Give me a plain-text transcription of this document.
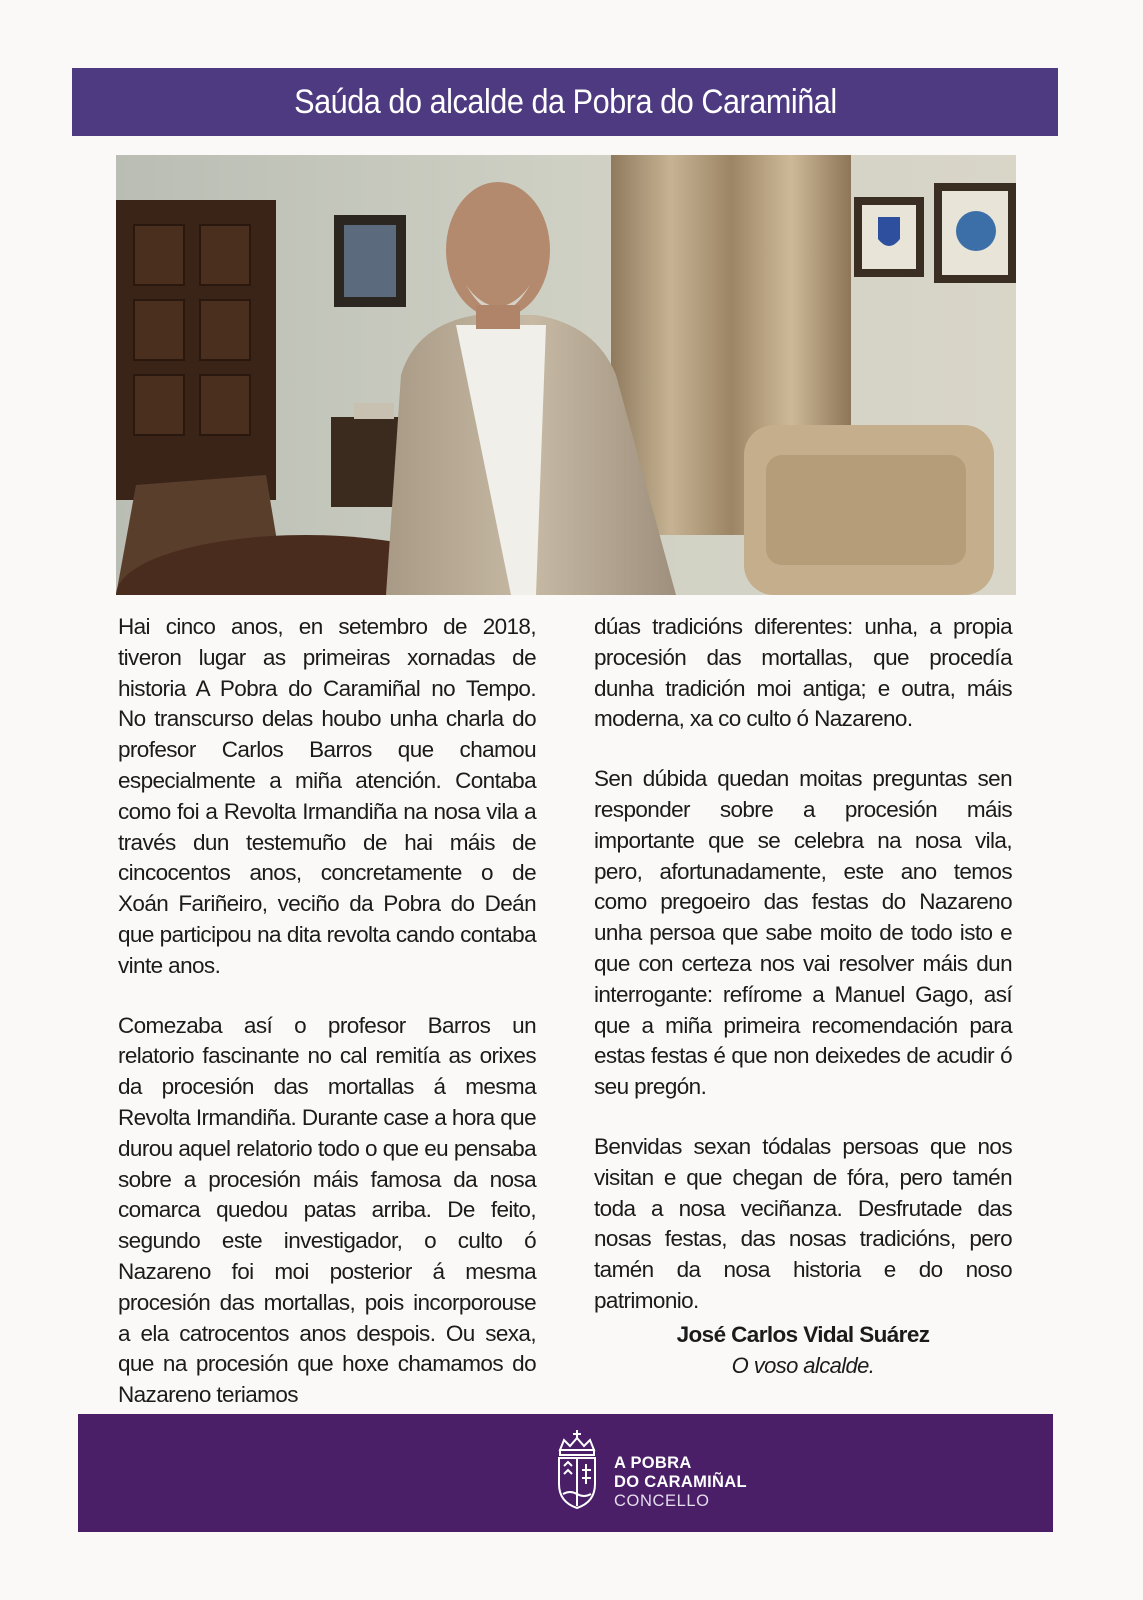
Saúda do alcalde da Pobra do Caramiñal

Hai cinco anos, en setembro de 2018, tiveron lugar as primeiras xornadas de historia A Pobra do Caramiñal no Tempo. No transcurso delas houbo unha charla do profesor Carlos Barros que chamou especialmente a miña atención. Contaba como foi a Revolta Irmandiña na nosa vila a través dun testemuño de hai máis de cincocentos anos, concretamente o de Xoán Fariñeiro, veciño da Pobra do Deán que participou na dita revolta cando contaba vinte anos.

Comezaba así o profesor Barros un relatorio fascinante no cal remitía as orixes da procesión das mortallas á mesma Revolta Irmandiña. Durante case a hora que durou aquel relatorio todo o que eu pensaba sobre a procesión máis famosa da nosa comarca quedou patas arriba. De feito, segundo este investigador, o culto ó Nazareno foi moi posterior á mesma procesión das mortallas, pois incorporouse a ela catrocentos anos despois. Ou sexa, que na procesión que hoxe chamamos do Nazareno teriamos

dúas tradicións diferentes: unha, a propia procesión das mortallas, que procedía dunha tradición moi antiga; e outra, máis moderna, xa co culto ó Nazareno.

Sen dúbida quedan moitas preguntas sen responder sobre a procesión máis importante que se celebra na nosa vila, pero, afortunadamente, este ano temos como pregoeiro das festas do Nazareno unha persoa que sabe moito de todo isto e que con certeza nos vai resolver máis dun interrogante: refírome a Manuel Gago, así que a miña primeira recomendación para estas festas é que non deixedes de acudir ó seu pregón.

Benvidas sexan tódalas persoas que nos visitan e que chegan de fóra, pero tamén toda a nosa veciñanza. Desfrutade das nosas festas, das nosas tradicións, pero tamén da nosa historia e do noso patrimonio.

José Carlos Vidal Suárez
O voso alcalde.
A POBRA
DO CARAMIÑAL
CONCELLO
